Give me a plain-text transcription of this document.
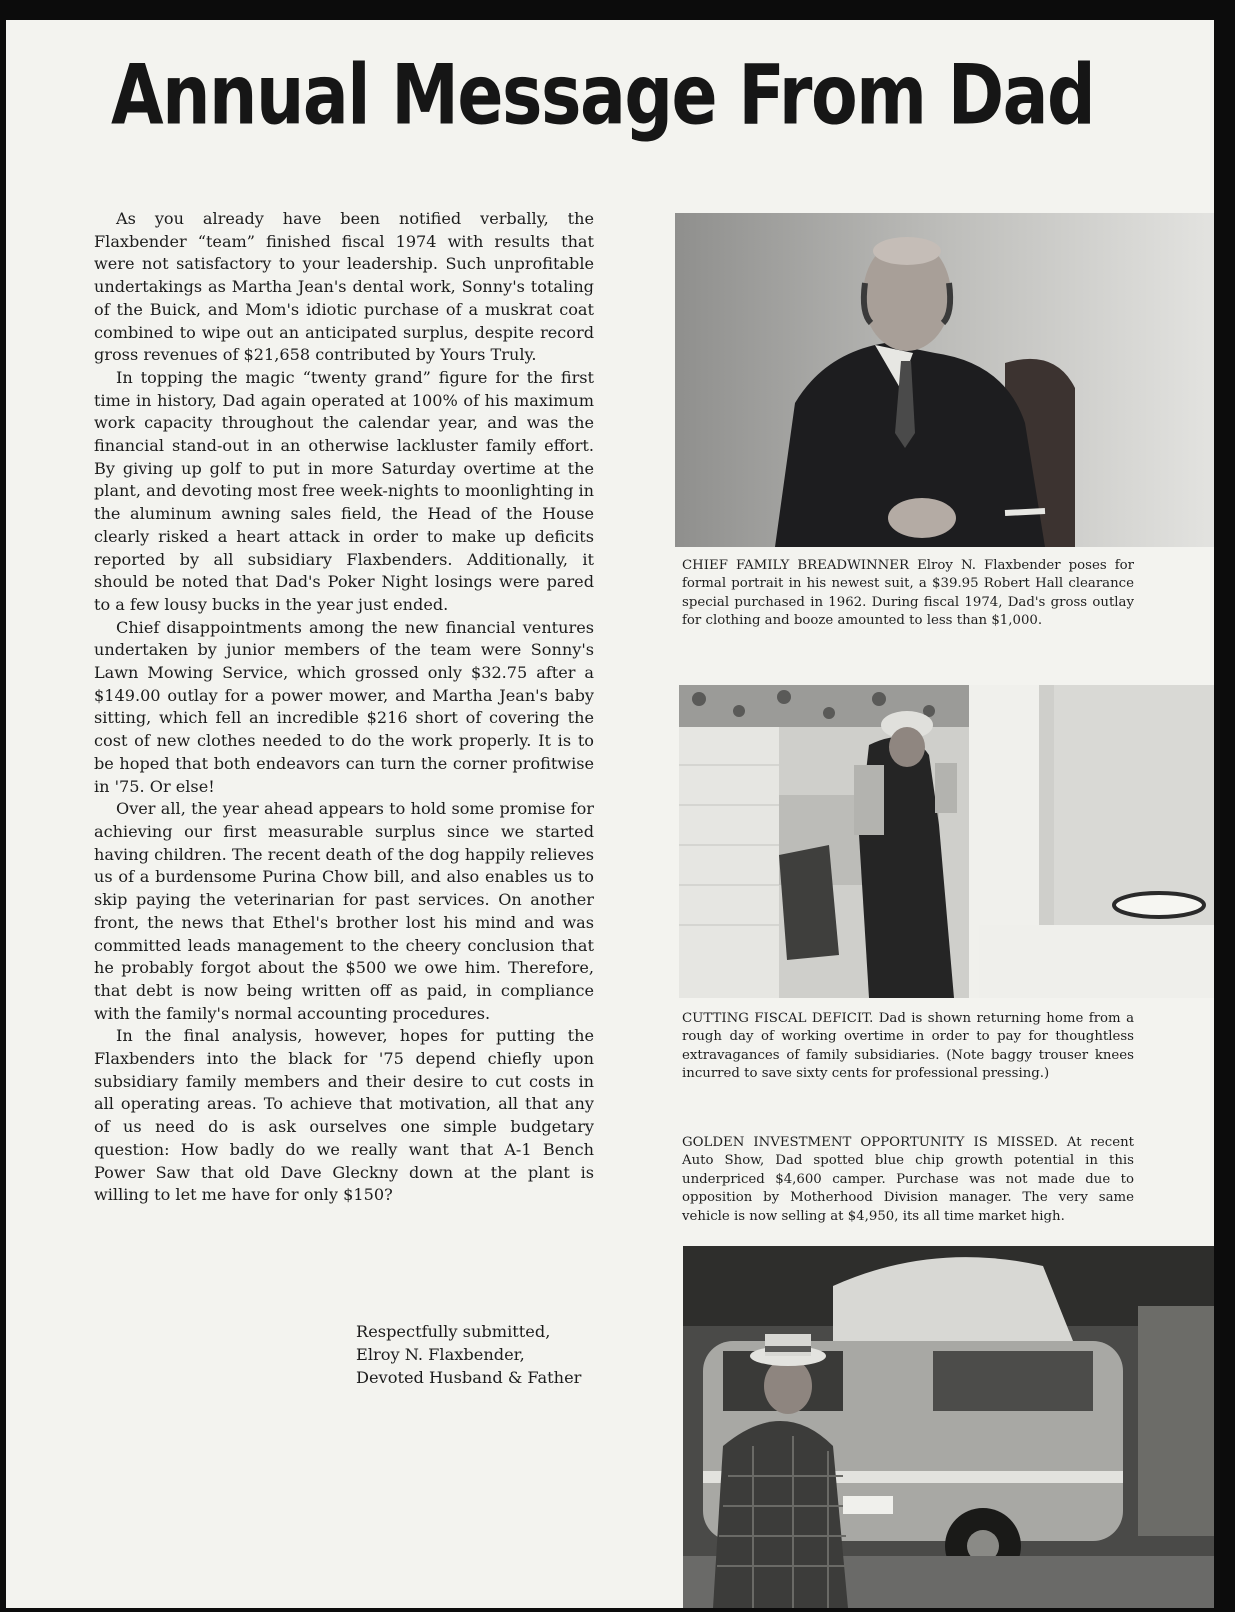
Annual Message From Dad

As you already have been notified verbally, the Flaxbender “team” finished fiscal 1974 with results that were not satisfactory to your leadership. Such unprofitable undertakings as Martha Jean's dental work, Sonny's totaling of the Buick, and Mom's idiotic purchase of a muskrat coat combined to wipe out an anticipated surplus, despite record gross revenues of $21,658 contributed by Yours Truly.

In topping the magic “twenty grand” figure for the first time in history, Dad again operated at 100% of his maximum work capacity throughout the calendar year, and was the financial stand-out in an otherwise lackluster family effort. By giving up golf to put in more Saturday overtime at the plant, and devoting most free week-nights to moonlighting in the aluminum awning sales field, the Head of the House clearly risked a heart attack in order to make up deficits reported by all subsidiary Flaxbenders. Additionally, it should be noted that Dad's Poker Night losings were pared to a few lousy bucks in the year just ended.

Chief disappointments among the new financial ventures undertaken by junior members of the team were Sonny's Lawn Mowing Service, which grossed only $32.75 after a $149.00 outlay for a power mower, and Martha Jean's baby sitting, which fell an incredible $216 short of covering the cost of new clothes needed to do the work properly. It is to be hoped that both endeavors can turn the corner profitwise in '75. Or else!

Over all, the year ahead appears to hold some promise for achieving our first measurable surplus since we started having children. The recent death of the dog happily relieves us of a burdensome Purina Chow bill, and also enables us to skip paying the veterinarian for past services. On another front, the news that Ethel's brother lost his mind and was committed leads management to the cheery conclusion that he probably forgot about the $500 we owe him. Therefore, that debt is now being written off as paid, in compliance with the family's normal accounting procedures.

In the final analysis, however, hopes for putting the Flaxbenders into the black for '75 depend chiefly upon subsidiary family members and their desire to cut costs in all operating areas. To achieve that motivation, all that any of us need do is ask ourselves one simple budgetary question: How badly do we really want that A-1 Bench Power Saw that old Dave Gleckny down at the plant is willing to let me have for only $150?

Respectfully submitted,
Elroy N. Flaxbender,
Devoted Husband & Father
CHIEF FAMILY BREADWINNER Elroy N. Flaxbender poses for formal portrait in his newest suit, a $39.95 Robert Hall clearance special purchased in 1962. During fiscal 1974, Dad's gross outlay for clothing and booze amounted to less than $1,000.
CUTTING FISCAL DEFICIT. Dad is shown returning home from a rough day of working overtime in order to pay for thoughtless extravagances of family subsidiaries. (Note baggy trouser knees incurred to save sixty cents for professional pressing.)
GOLDEN INVESTMENT OPPORTUNITY IS MISSED. At recent Auto Show, Dad spotted blue chip growth potential in this underpriced $4,600 camper. Purchase was not made due to opposition by Motherhood Division manager. The very same vehicle is now selling at $4,950, its all time market high.
